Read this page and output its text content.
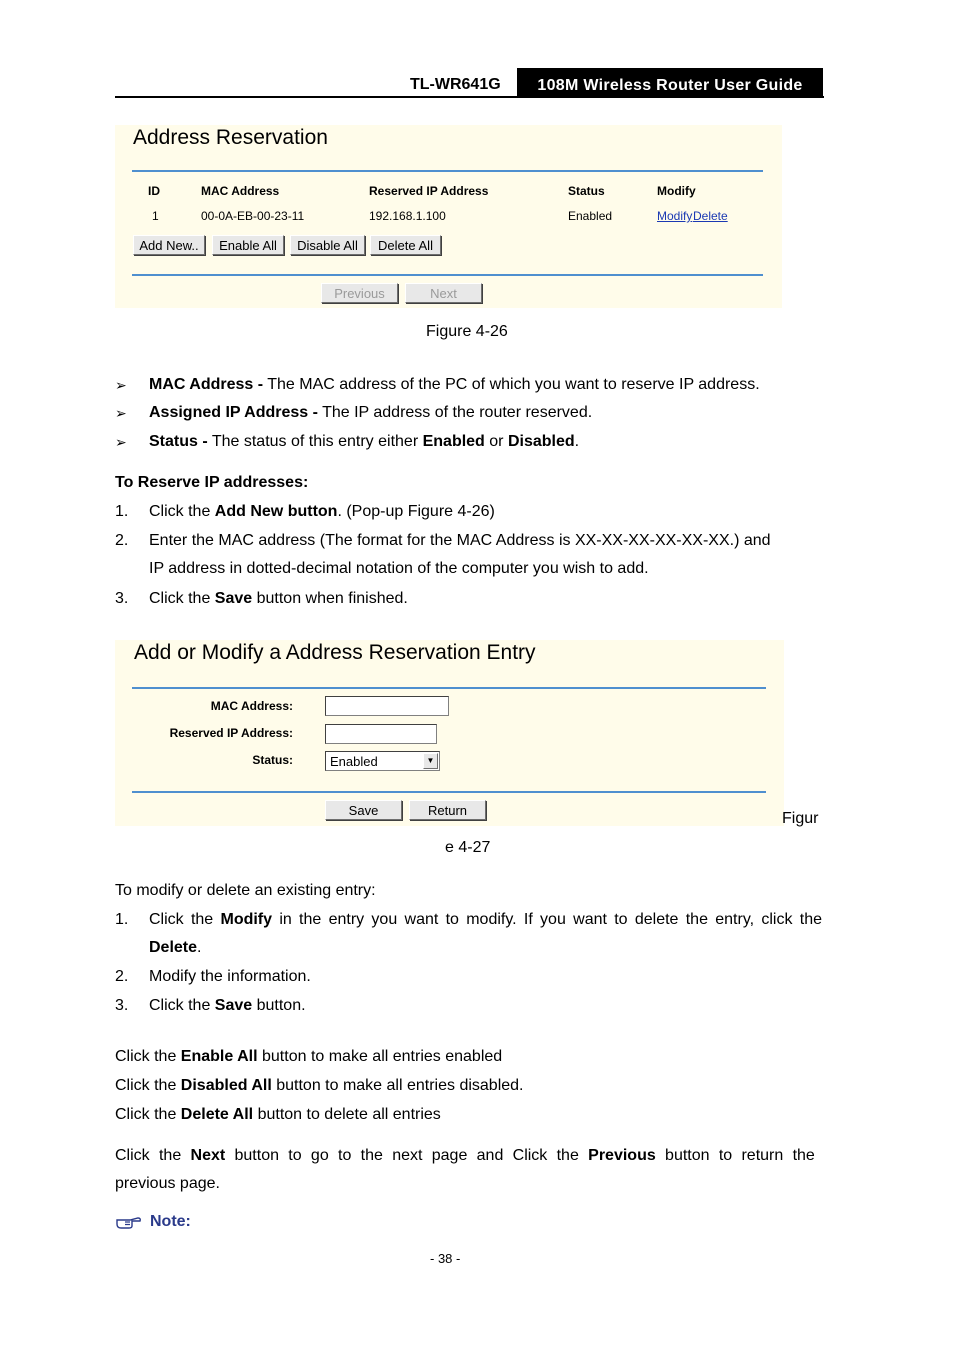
TL-WR641G	108M Wireless Router User Guide
Address Reservation
ID	MAC Address	Reserved IP Address	Status	Modify
1	00-0A-EB-00-23-11	192.168.1.100	Enabled	Modify Delete
Add New..	Enable All	Disable All	Delete All
Previous	Next
Figure 4-26
➢ MAC Address - The MAC address of the PC of which you want to reserve IP address.
➢ Assigned IP Address - The IP address of the router reserved.
➢ Status - The status of this entry either Enabled or Disabled.
To Reserve IP addresses:
1. Click the Add New button. (Pop-up Figure 4-26)
2. Enter the MAC address (The format for the MAC Address is XX-XX-XX-XX-XX-XX.) and
IP address in dotted-decimal notation of the computer you wish to add.
3. Click the Save button when finished.
Add or Modify a Address Reservation Entry
MAC Address:
Reserved IP Address:
Status:	Enabled	▼
Save	Return	Figur
e 4-27
To modify or delete an existing entry:
1. Click the Modify in the entry you want to modify. If you want to delete the entry, click the
Delete.
2. Modify the information.
3. Click the Save button.
Click the Enable All button to make all entries enabled
Click the Disabled All button to make all entries disabled.
Click the Delete All button to delete all entries
Click the Next button to go to the next page and Click the Previous button to return the
previous page.
Note:
- 38 -
